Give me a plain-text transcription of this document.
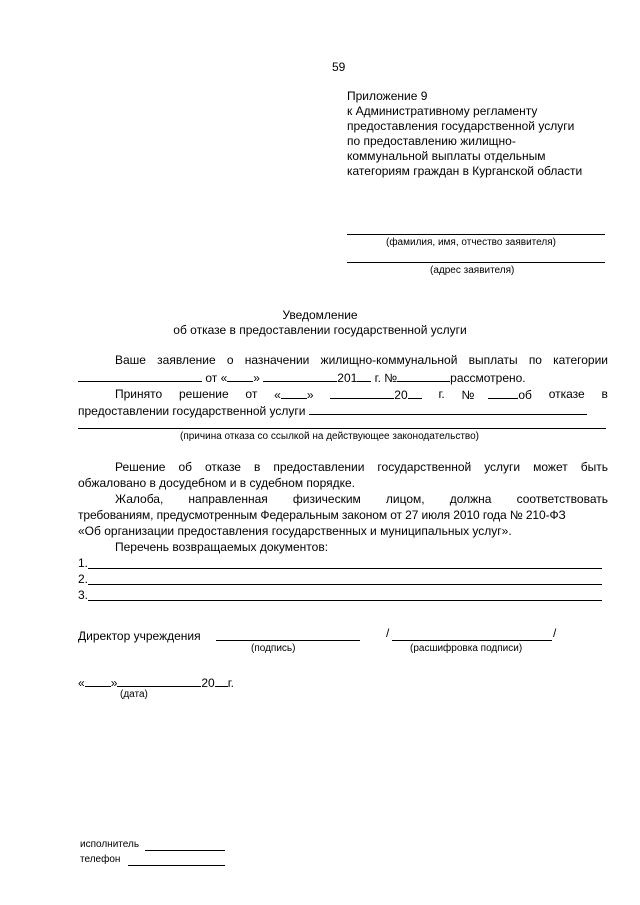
59
Приложение 9
к Административному регламенту
предоставления государственной услуги
по предоставлению жилищно-
коммунальной выплаты отдельным
категориям граждан в Курганской области
(фамилия, имя, отчество заявителя)
(адрес заявителя)
Уведомление
об отказе в предоставлении государственной услуги
Ваше заявление о назначении жилищно-коммунальной выплаты по категории
от « »	201 г. №	рассмотрено.
Принято решение от « »	20	г. №	об отказе в
предоставлении государственной услуги
(причина отказа со ссылкой на действующее законодательство)
Решение об отказе в предоставлении государственной услуги может быть
обжаловано в досудебном и в судебном порядке.
Жалоба, направленная физическим лицом, должна соответствовать
требованиям, предусмотренным Федеральным законом от 27 июля 2010 года № 210-ФЗ
«Об организации предоставления государственных и муниципальных услуг».
Перечень возвращаемых документов:
1.
2.
3.
Директор учреждения
(подпись)
/	/
(расшифровка подписи)
« »	20 г.
(дата)
исполнитель
телефон
